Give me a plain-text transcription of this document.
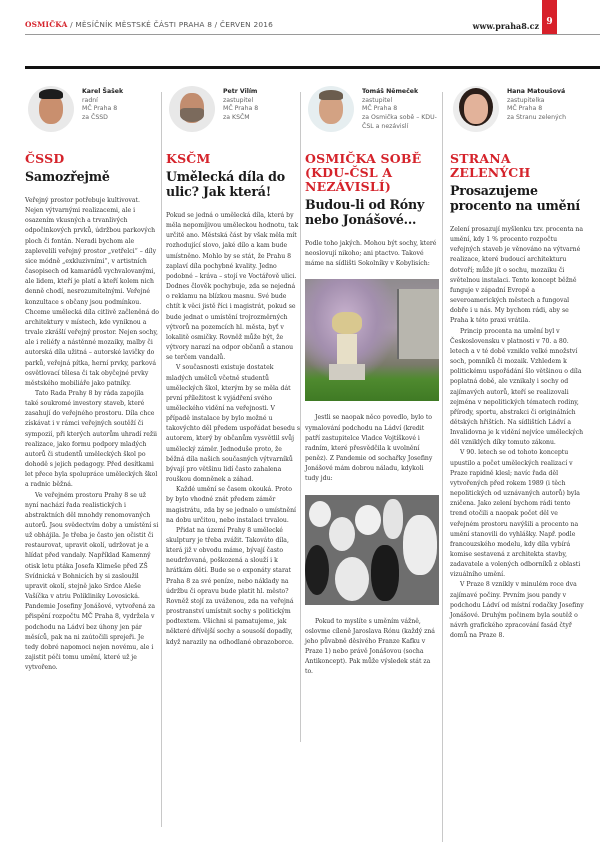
OSMIČKA / MĚSÍČNÍK MĚSTSKÉ ČÁSTI PRAHA 8 / ČERVEN 2016	www.praha8.cz 9
Karel Šašek
radní
MČ Praha 8
za ČSSD
ČSSD
Samozřejmě

Veřejný prostor potřebuje kultivovat. Nejen výtvarnými realizacemi, ale i osazením vkusných a trvanlivých odpočinkových prvků, údržbou parkových ploch či fontán. Neradi bychom ale zaplevelili veřejný prostor „vetřelci“ – díly sice módně „exkluzivními“, v artistních časopisech od kamarádů vychvalovanými, ale lidem, kteří je platí a kteří kolem nich denně chodí, nesrozumitelnými. Veřejné konzultace s občany jsou podmínkou. Chceme umělecká díla citlivě začleněná do architektury v místech, kde vyniknou a trvale zkrášlí veřejný prostor. Nejen sochy, ale i reliéfy a nástěnné mozaiky, malby či autorská díla užitná – autorské lavičky do parků, veřejná pítka, herní prvky, parková osvětlovací tělesa či tak obyčejné prvky městského mobiliáře jako patníky.

Tato Rada Prahy 8 by ráda zapojila také soukromé investory staveb, které zasahují do veřejného prostoru. Díla chce získávat i v rámci veřejných soutěží či sympozií, při kterých autorům uhradí režii realizace, jako formu podpory mladých autorů či studentů uměleckých škol po dohodě s jejich pedagogy. Před desítkami let přece byla spolupráce uměleckých škol a radnic běžná.

Ve veřejném prostoru Prahy 8 se už nyní nachází řada realistických i abstraktních děl mnohdy renomovaných autorů. Jsou svědectvím doby a umístění si už obhájila. Je třeba je často jen očistit či restaurovat, upravit okolí, udržovat je a hlídat před vandaly. Například Kamenný otisk letu ptáka Josefa Klimeše před ZŠ Svídnická v Bohnicích by si zasloužil upravit okolí, stejně jako Srdce Aleše Vašíčka v atriu Polikliniky Lovosická. Pandemie Josefiny Jonášové, vytvořená za přispění rozpočtu MČ Praha 8, vydržela v podchodu na Ládví bez úhony jen pár měsíců, pak na ni zaútočili sprejeři. Je tedy dobré napomoci nejen novému, ale i zajistit péči tomu umění, které už je vytvořeno.

Petr Vilím
zastupitel
MČ Praha 8
za KSČM
KSČM
Umělecká díla do ulic? Jak která!

Pokud se jedná o umělecká díla, která by měla nepomíjivou uměleckou hodnotu, tak určitě ano. Městská část by však měla mít rozhodující slovo, jaké dílo a kam bude umístněno. Mohlo by se stát, že Prahu 8 zaplaví díla pochybné kvality. Jedno podobné – kráva – stojí ve Voctářově ulici. Dodnes člověk pochybuje, zda se nejedná o reklamu na blízkou masnu. Své bude chtít k věci jistě říci i magistrát, pokud se bude jednat o umístění trojrozměrných výtvorů na pozemcích hl. města, byť v lokalitě osmičky. Rovněž může být, že výtvory narazí na odpor občanů a stanou se terčem vandalů.

V současnosti existuje dostatek mladých umělců včetně studentů uměleckých škol, kterým by se měla dát první příležitost k vyjádření svého uměleckého vidění na veřejnosti. V případě instalace by bylo možné u takovýchto děl předem uspořádat besedu s autorem, který by občanům vysvětlil svůj umělecký záměr. Jednoduše proto, že běžná díla našich současných výtvarníků bývají pro většinu lidí často zahalena rouškou domněnek a záhad.

Každé umění se časem okouká. Proto by bylo vhodné znát předem záměr magistrátu, zda by se jednalo o umístnění na dobu určitou, nebo instalaci trvalou.

Přidat na území Prahy 8 umělecké skulptury je třeba zvážit. Takováto díla, která již v obvodu máme, bývají často neudržovaná, poškozená a slouží i k hrátkám dětí. Bude se o exponáty starat Praha 8 za své peníze, nebo náklady na údržbu či opravu bude platit hl. město? Rovněž stojí za uváženou, zda na veřejná prostranství umístnit sochy s politickým podtextem. Všichni si pamatujeme, jak některé dřívější sochy a sousoší dopadly, když narazily na odhodlané obrazoborce.

Tomáš Němeček
zastupitel
MČ Praha 8
za Osmička sobě – KDU-ČSL a nezávislí
OSMIČKA SOBĚ (KDU-ČSL A NEZÁVISLÍ)
Budou-li od Róny nebo Jonášové...

Podle toho jakých. Mohou být sochy, které neoslovují nikoho; ani ptactvo. Takové máme na sídlišti Sokolníky v Kobylisích:

Jestli se naopak něco povedlo, bylo to vymalování podchodu na Ládví (kredit patří zastupitelce Vladce Vojtíškové i radním, které přesvědčila k uvolnění peněz). Z Pandemie od sochařky Josefiny Jonášové mám dobrou náladu, kdykoli tudy jdu:

Pokud to myslíte s uměním vážně, oslovme cíleně Jaroslava Rónu (každý zná jeho půvabně děsivého Franze Kafku v Praze 1) nebo právě Jonášovou (socha Antikoncept). Pak může výsledek stát za to.

Hana Matoušová
zastupitelka
MČ Praha 8
za Stranu zelených
STRANA ZELENÝCH
Prosazujeme procento na umění

Zelení prosazují myšlenku tzv. procenta na umění, kdy 1 % procento rozpočtu veřejných staveb je věnováno na výtvarné realizace, které budoucí architekturu dotvoří; může jít o sochu, mozaiku či světelnou instalaci. Tento koncept běžně funguje v západní Evropě a severoamerických městech a fungoval dobře i u nás. My bychom rádi, aby se Praha k této praxi vrátila.

Princip procenta na umění byl v Československu v platnosti v 70. a 80. letech a v té době vzniklo velké množství soch, pomníků či mozaik. Vzhledem k politickému uspořádání šlo většinou o díla poplatná době, ale vznikaly i sochy od zajímavých autorů, kteří se realizovali zejména v nepolitických tématech rodiny, přírody, sportu, abstrakci či originálních dětských hřištích. Na sídlištích Ládví a Invalidovna je k vidění nejvíce uměleckých děl vzniklých díky tomuto zákonu.

V 90. letech se od tohoto konceptu upustilo a počet uměleckých realizací v Praze rapidně klesl; navíc řada děl vytvořených před rokem 1989 (i těch nepolitických od uznávaných autorů) byla zničena. Jako zelení bychom rádi tento trend otočili a naopak počet děl ve veřejném prostoru navýšili a procento na umění stanovili do vyhlášky. Např. podle francouzského modelu, kdy díla vybírá komise sestavená z architekta stavby, zadavatele a volených odborníků z oblasti vizuálního umění.

V Praze 8 vznikly v minulém roce dva zajímavé počiny. Prvním jsou pandy v podchodu Ládví od místní rodačky Josefiny Jonášové. Druhým počinem byla soutěž o návrh grafického zpracování fasád čtyř domů na Praze 8.
